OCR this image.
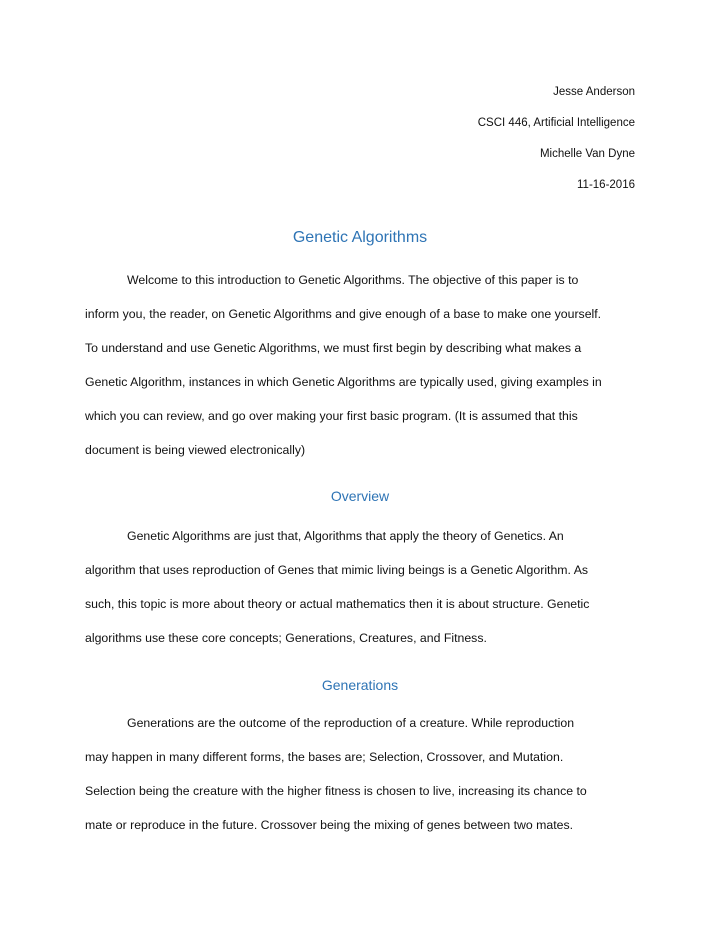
Jesse Anderson
CSCI 446, Artificial Intelligence
Michelle Van Dyne
11-16-2016
Genetic Algorithms
Welcome to this introduction to Genetic Algorithms. The objective of this paper is to
inform you, the reader, on Genetic Algorithms and give enough of a base to make one yourself.
To understand and use Genetic Algorithms, we must first begin by describing what makes a
Genetic Algorithm, instances in which Genetic Algorithms are typically used, giving examples in
which you can review, and go over making your first basic program. (It is assumed that this
document is being viewed electronically)
Overview
Genetic Algorithms are just that, Algorithms that apply the theory of Genetics. An
algorithm that uses reproduction of Genes that mimic living beings is a Genetic Algorithm. As
such, this topic is more about theory or actual mathematics then it is about structure. Genetic
algorithms use these core concepts; Generations, Creatures, and Fitness.
Generations
Generations are the outcome of the reproduction of a creature. While reproduction
may happen in many different forms, the bases are; Selection, Crossover, and Mutation.
Selection being the creature with the higher fitness is chosen to live, increasing its chance to
mate or reproduce in the future. Crossover being the mixing of genes between two mates.
